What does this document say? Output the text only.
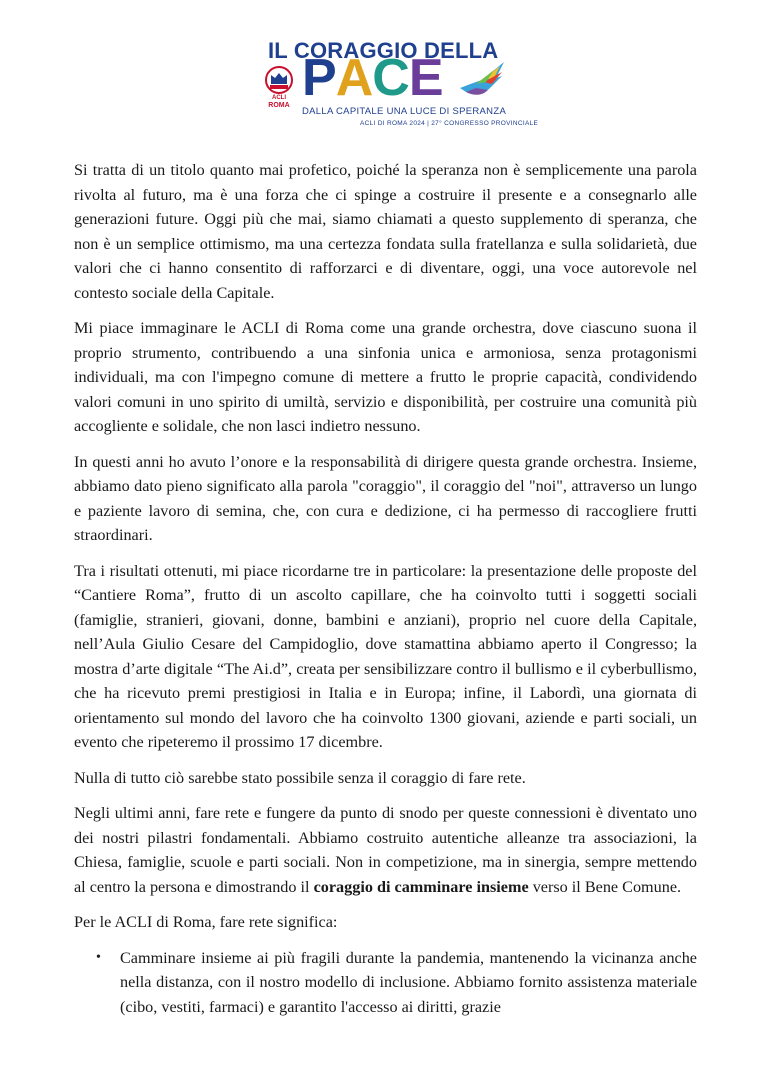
ACLI
ROMA
IL CORAGGIO DELLA
PACE
DALLA CAPITALE UNA LUCE DI SPERANZA
ACLI DI ROMA 2024 | 27° CONGRESSO PROVINCIALE

Si tratta di un titolo quanto mai profetico, poiché la speranza non è semplicemente una parola rivolta al futuro, ma è una forza che ci spinge a costruire il presente e a consegnarlo alle generazioni future. Oggi più che mai, siamo chiamati a questo supplemento di speranza, che non è un semplice ottimismo, ma una certezza fondata sulla fratellanza e sulla solidarietà, due valori che ci hanno consentito di rafforzarci e di diventare, oggi, una voce autorevole nel contesto sociale della Capitale.

Mi piace immaginare le ACLI di Roma come una grande orchestra, dove ciascuno suona il proprio strumento, contribuendo a una sinfonia unica e armoniosa, senza protagonismi individuali, ma con l'impegno comune di mettere a frutto le proprie capacità, condividendo valori comuni in uno spirito di umiltà, servizio e disponibilità, per costruire una comunità più accogliente e solidale, che non lasci indietro nessuno.

In questi anni ho avuto l’onore e la responsabilità di dirigere questa grande orchestra. Insieme, abbiamo dato pieno significato alla parola "coraggio", il coraggio del "noi", attraverso un lungo e paziente lavoro di semina, che, con cura e dedizione, ci ha permesso di raccogliere frutti straordinari.

Tra i risultati ottenuti, mi piace ricordarne tre in particolare: la presentazione delle proposte del “Cantiere Roma”, frutto di un ascolto capillare, che ha coinvolto tutti i soggetti sociali (famiglie, stranieri, giovani, donne, bambini e anziani), proprio nel cuore della Capitale, nell’Aula Giulio Cesare del Campidoglio, dove stamattina abbiamo aperto il Congresso; la mostra d’arte digitale “The Ai.d”, creata per sensibilizzare contro il bullismo e il cyberbullismo, che ha ricevuto premi prestigiosi in Italia e in Europa; infine, il Labordì, una giornata di orientamento sul mondo del lavoro che ha coinvolto 1300 giovani, aziende e parti sociali, un evento che ripeteremo il prossimo 17 dicembre.

Nulla di tutto ciò sarebbe stato possibile senza il coraggio di fare rete.

Negli ultimi anni, fare rete e fungere da punto di snodo per queste connessioni è diventato uno dei nostri pilastri fondamentali. Abbiamo costruito autentiche alleanze tra associazioni, la Chiesa, famiglie, scuole e parti sociali. Non in competizione, ma in sinergia, sempre mettendo al centro la persona e dimostrando il coraggio di camminare insieme verso il Bene Comune.

Per le ACLI di Roma, fare rete significa:

• Camminare insieme ai più fragili durante la pandemia, mantenendo la vicinanza anche nella distanza, con il nostro modello di inclusione. Abbiamo fornito assistenza materiale (cibo, vestiti, farmaci) e garantito l'accesso ai diritti, grazie
